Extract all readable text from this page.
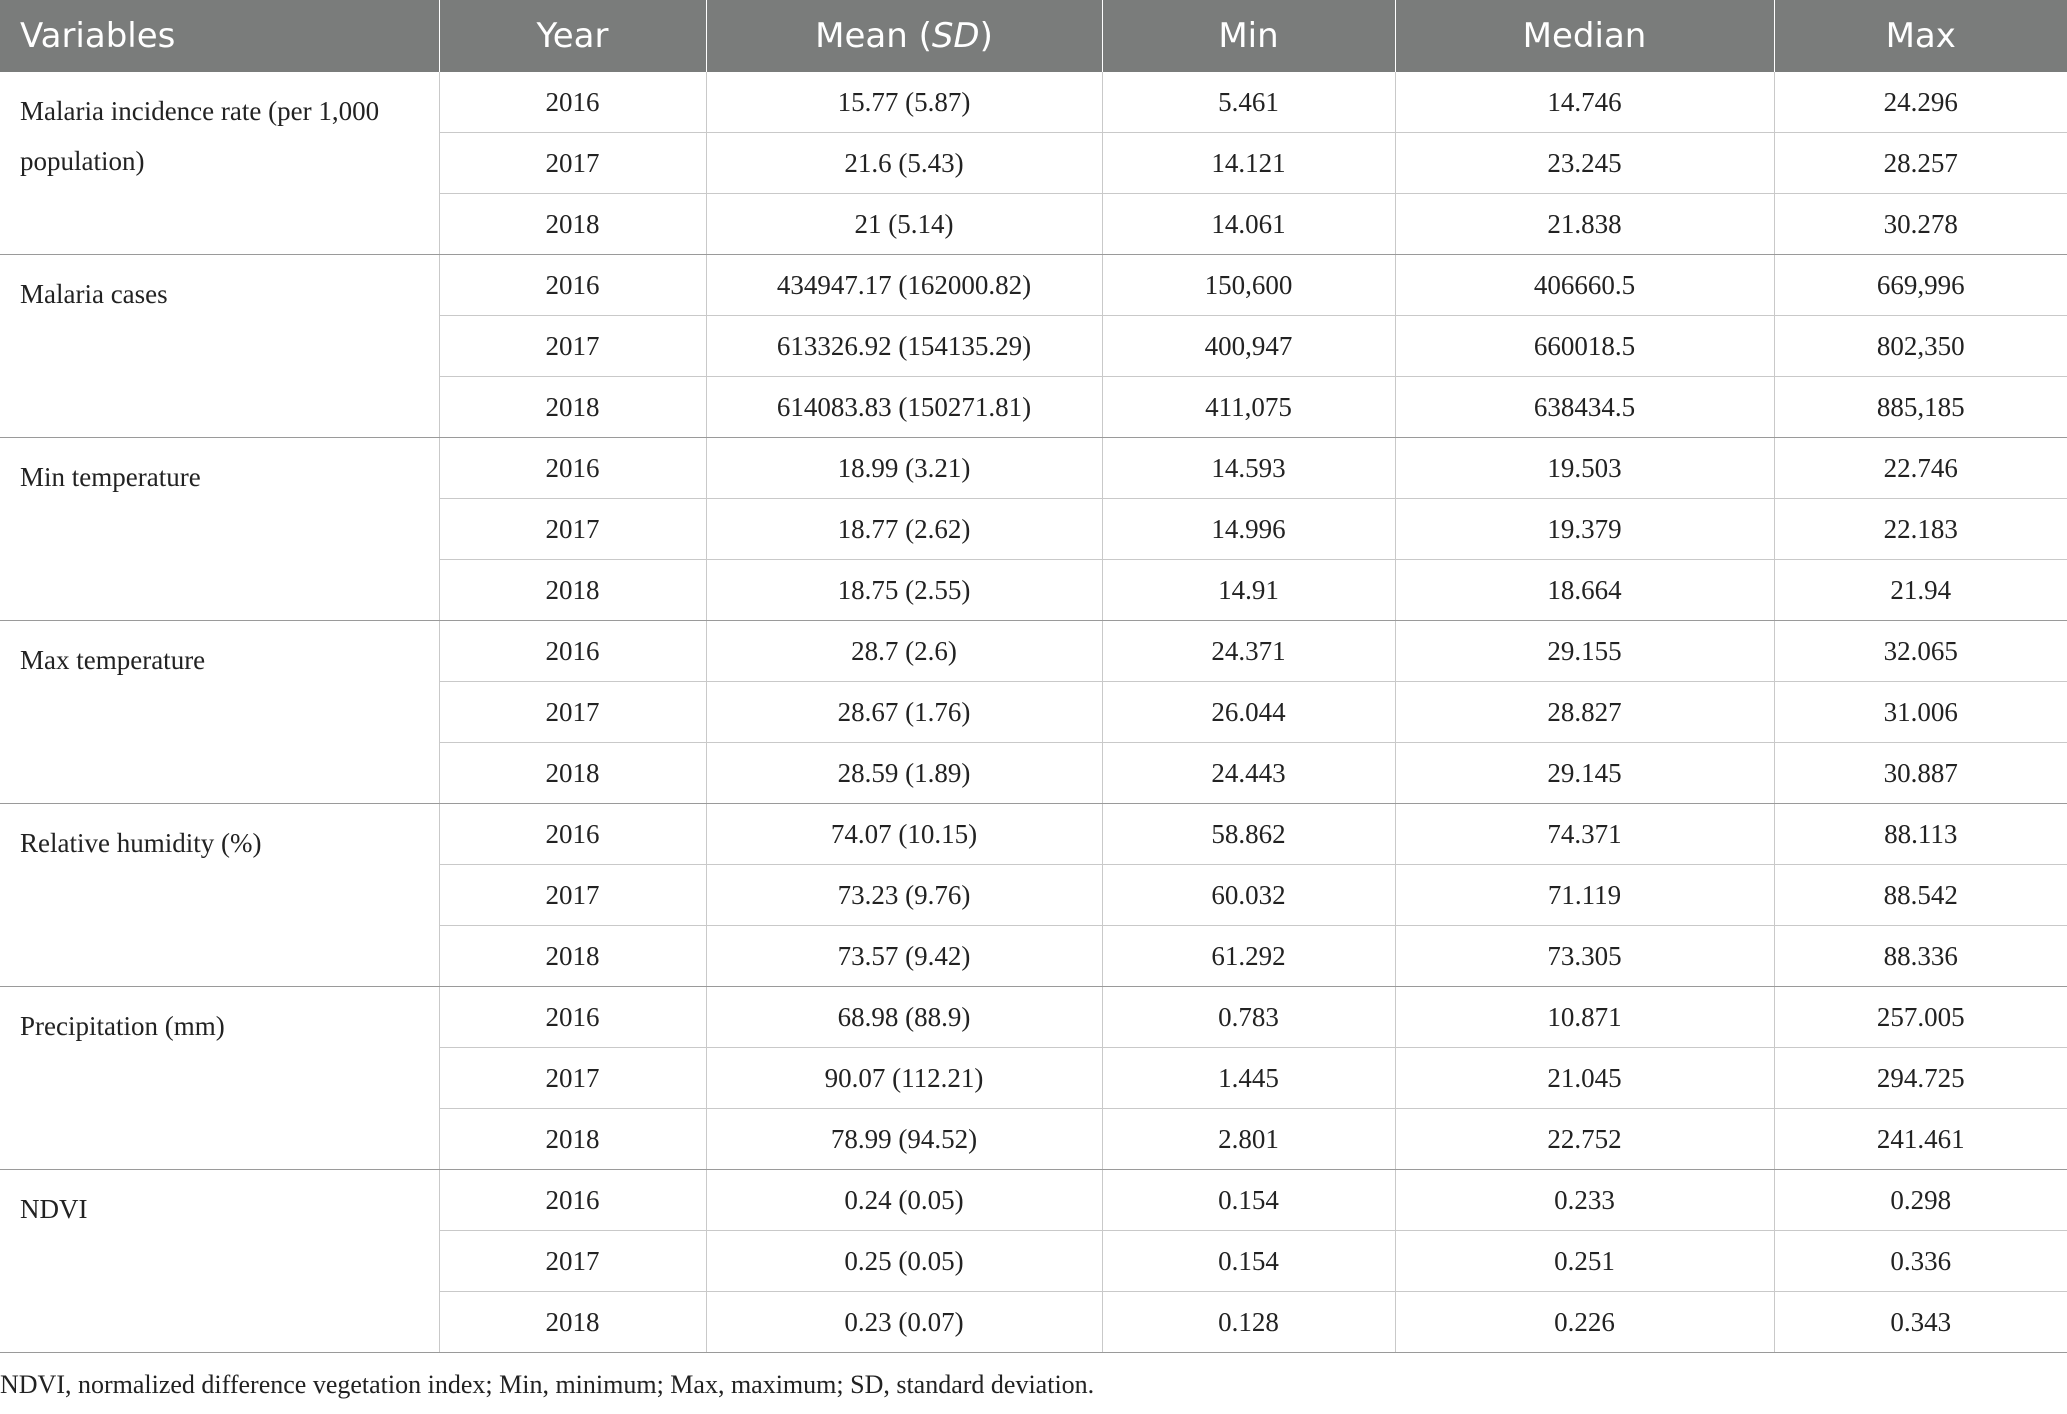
Variables	Year	Mean (SD)	Min	Median	Max
Malaria incidence rate (per 1,000 population)	2016	15.77 (5.87)	5.461	14.746	24.296
	2017	21.6 (5.43)	14.121	23.245	28.257
	2018	21 (5.14)	14.061	21.838	30.278
Malaria cases	2016	434947.17 (162000.82)	150,600	406660.5	669,996
	2017	613326.92 (154135.29)	400,947	660018.5	802,350
	2018	614083.83 (150271.81)	411,075	638434.5	885,185
Min temperature	2016	18.99 (3.21)	14.593	19.503	22.746
	2017	18.77 (2.62)	14.996	19.379	22.183
	2018	18.75 (2.55)	14.91	18.664	21.94
Max temperature	2016	28.7 (2.6)	24.371	29.155	32.065
	2017	28.67 (1.76)	26.044	28.827	31.006
	2018	28.59 (1.89)	24.443	29.145	30.887
Relative humidity (%)	2016	74.07 (10.15)	58.862	74.371	88.113
	2017	73.23 (9.76)	60.032	71.119	88.542
	2018	73.57 (9.42)	61.292	73.305	88.336
Precipitation (mm)	2016	68.98 (88.9)	0.783	10.871	257.005
	2017	90.07 (112.21)	1.445	21.045	294.725
	2018	78.99 (94.52)	2.801	22.752	241.461
NDVI	2016	0.24 (0.05)	0.154	0.233	0.298
	2017	0.25 (0.05)	0.154	0.251	0.336
	2018	0.23 (0.07)	0.128	0.226	0.343
NDVI, normalized difference vegetation index; Min, minimum; Max, maximum; SD, standard deviation.
